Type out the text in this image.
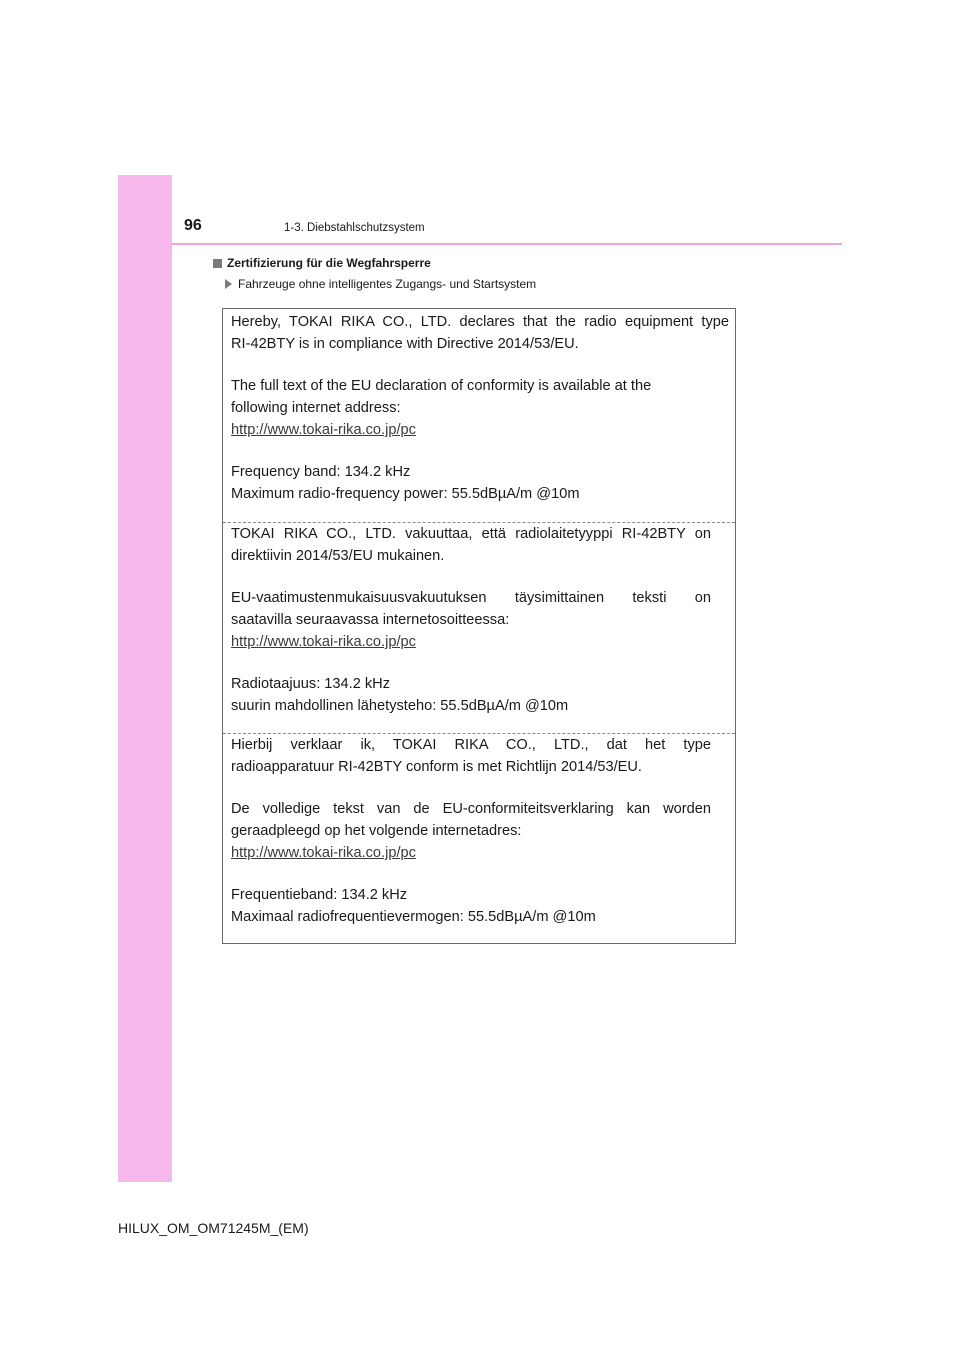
96	1-3. Diebstahlschutzsystem
Zertifizierung für die Wegfahrsperre
Fahrzeuge ohne intelligentes Zugangs- und Startsystem

Hereby, TOKAI RIKA CO., LTD. declares that the radio equipment type

RI-42BTY is in compliance with Directive 2014/53/EU.

The full text of the EU declaration of conformity is available at the

following internet address:

http://www.tokai-rika.co.jp/pc

Frequency band: 134.2 kHz

Maximum radio-frequency power: 55.5dBµA/m @10m

TOKAI RIKA CO., LTD. vakuuttaa, että radiolaitetyyppi RI-42BTY on

direktiivin 2014/53/EU mukainen.

EU-vaatimustenmukaisuusvakuutuksen täysimittainen teksti on

saatavilla seuraavassa internetosoitteessa:

http://www.tokai-rika.co.jp/pc

Radiotaajuus: 134.2 kHz

suurin mahdollinen lähetysteho: 55.5dBµA/m @10m

Hierbij verklaar ik, TOKAI RIKA CO., LTD., dat het type

radioapparatuur RI-42BTY conform is met Richtlijn 2014/53/EU.

De volledige tekst van de EU-conformiteitsverklaring kan worden

geraadpleegd op het volgende internetadres:

http://www.tokai-rika.co.jp/pc

Frequentieband: 134.2 kHz

Maximaal radiofrequentievermogen: 55.5dBµA/m @10m

HILUX_OM_OM71245M_(EM)
